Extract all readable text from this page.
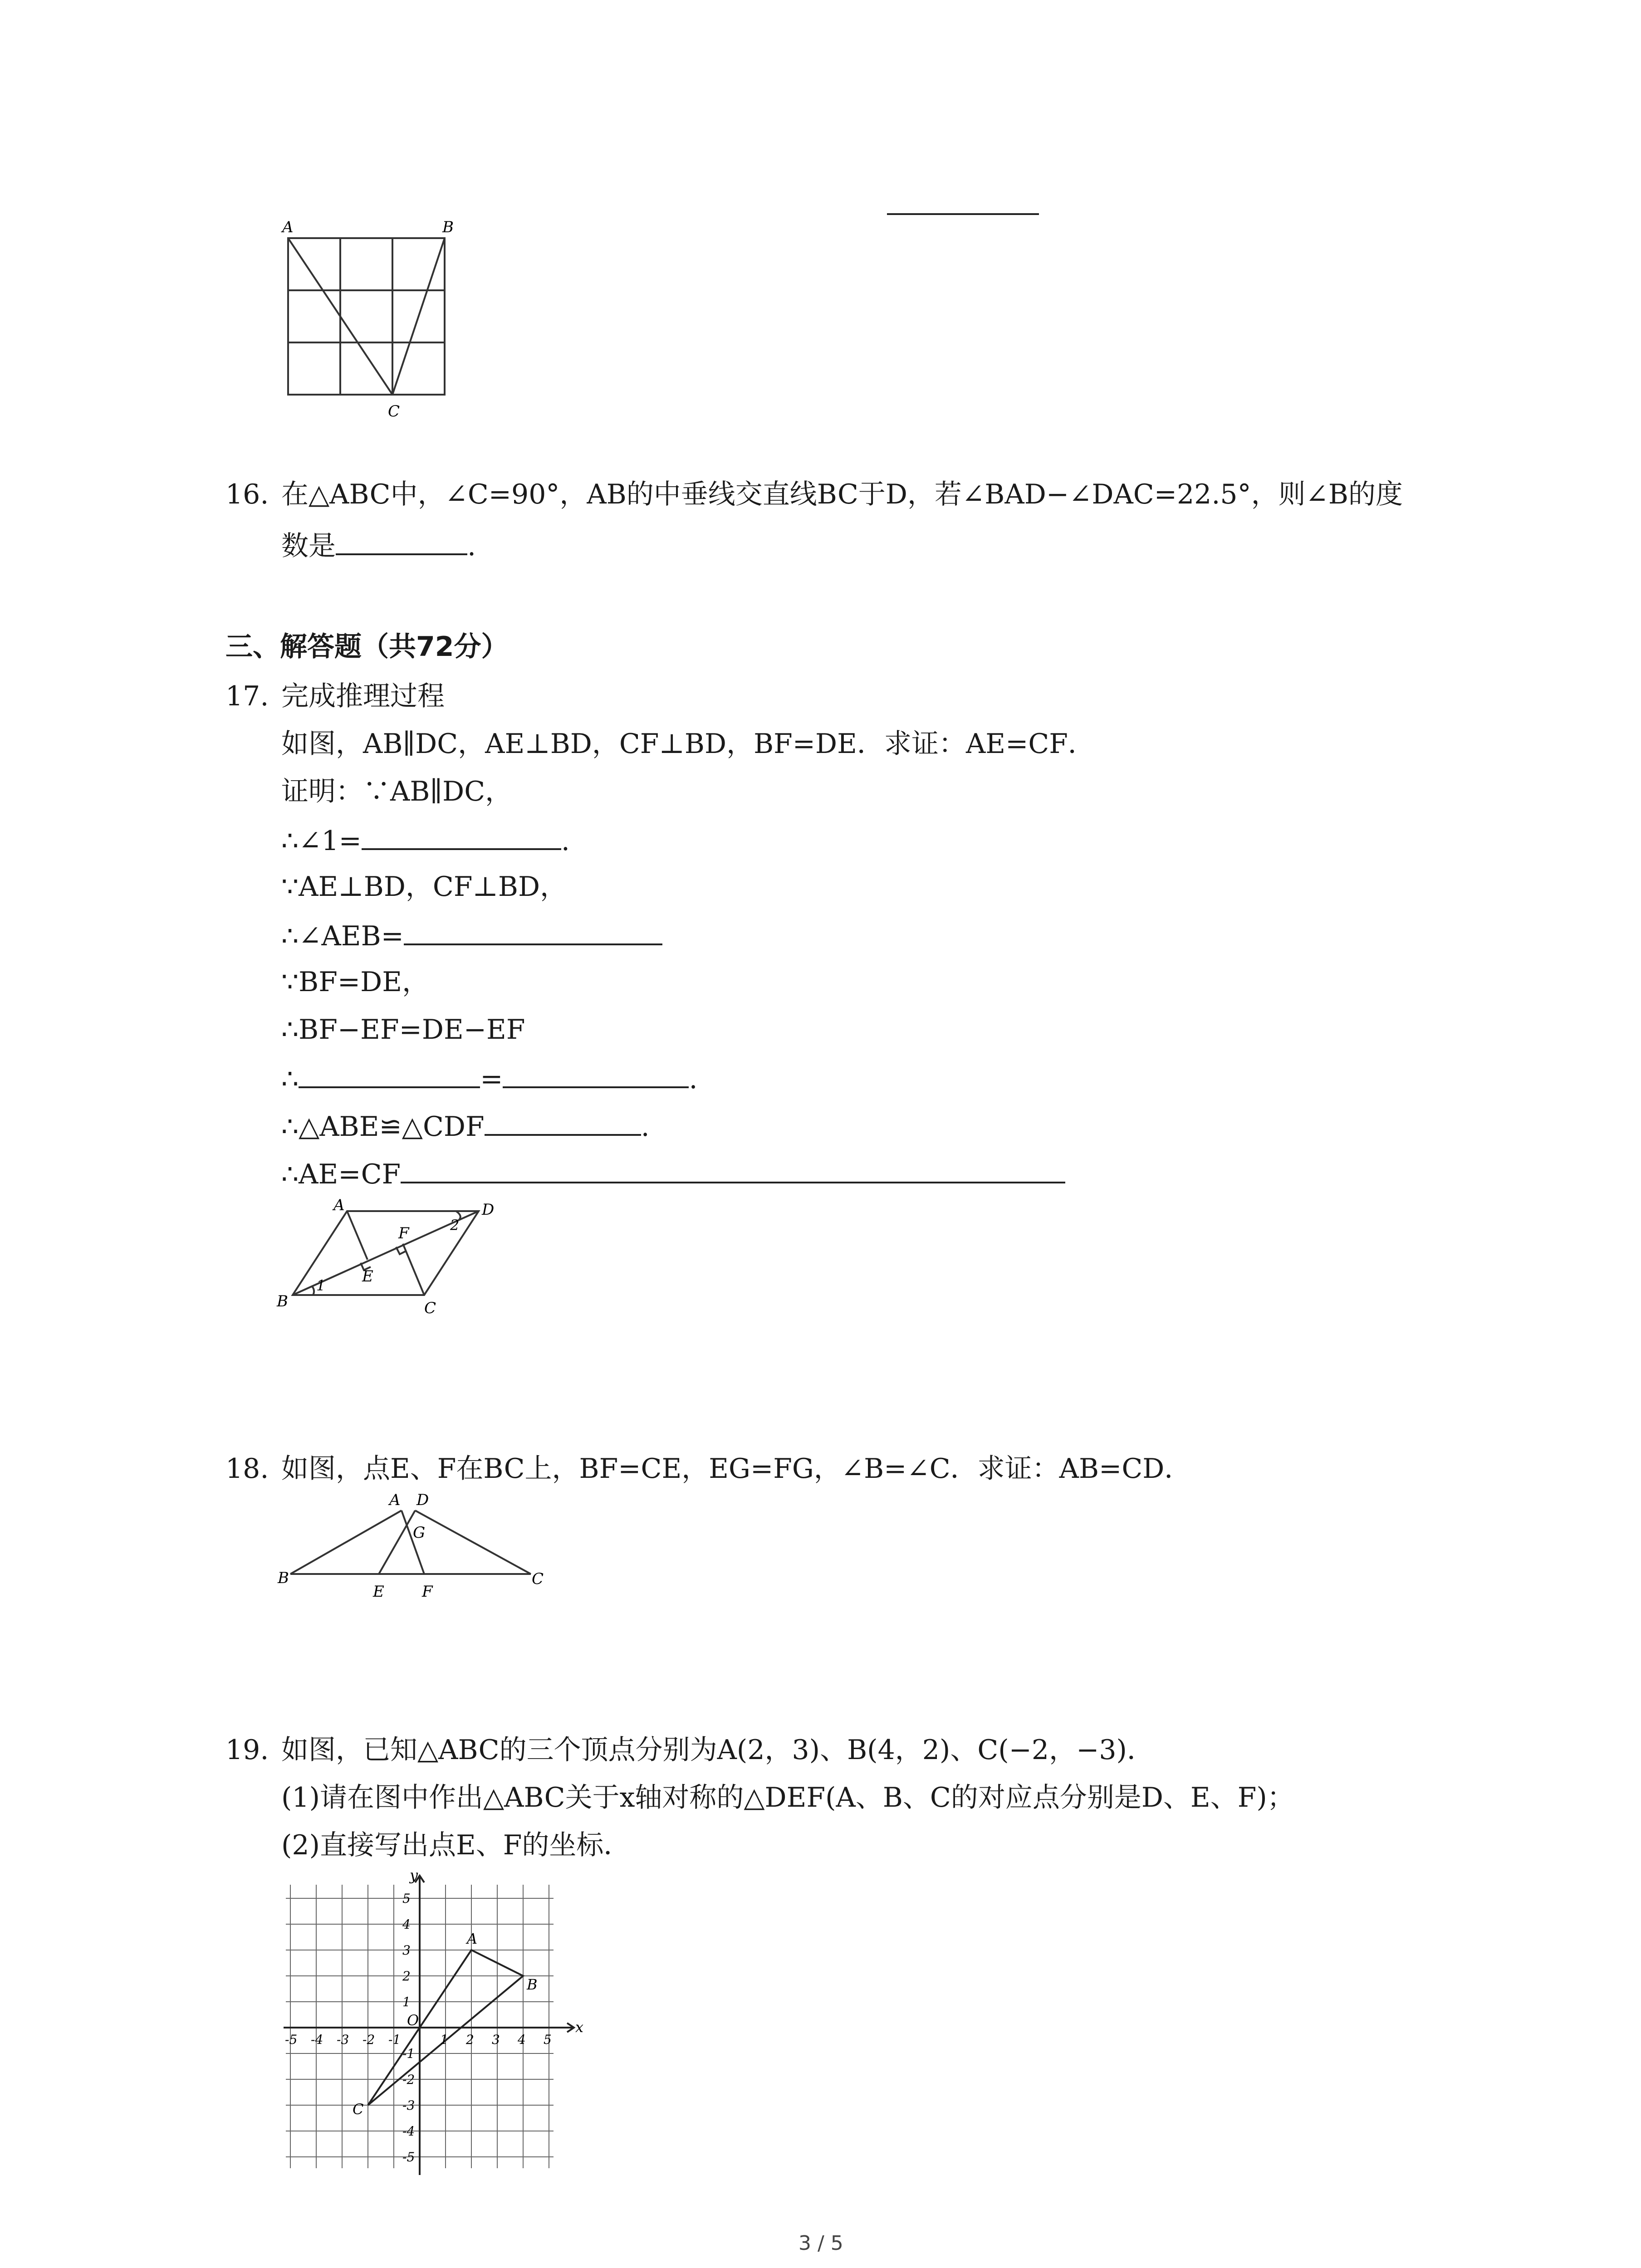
A	B
C
16. 在△ABC中，∠C=90°，AB的中垂线交直线BC于D，若∠BAD−∠DAC=22.5°，则∠B的度
数是	.
三、解答题（共72分）
17. 完成推理过程
如图，AB∥DC，AE⊥BD，CF⊥BD，BF=DE．求证：AE=CF．
证明：∵AB∥DC，
∴∠1=	.
∵AE⊥BD，CF⊥BD，
∴∠AEB=
∵BF=DE，
∴BF−EF=DE−EF
∴	=	.
∴△ABE≌△CDF	.
∴AE=CF
A	D
F
E
B	C
1
2
18. 如图，点E、F在BC上，BF=CE，EG=FG，∠B=∠C．求证：AB=CD．
A D
G
B	C
E F
19. 如图，已知△ABC的三个顶点分别为A(2，3)、B(4，2)、C(−2，−3)．
(1)请在图中作出△ABC关于x轴对称的△DEF(A、B、C的对应点分别是D、E、F)；
(2)直接写出点E、F的坐标．
-5 -4 -3 -2 -1	1 2 3 4 5
5
4
3
2
1
-1
-2
-3
-4
-5
A
B
C
x
y
O
3 / 5
